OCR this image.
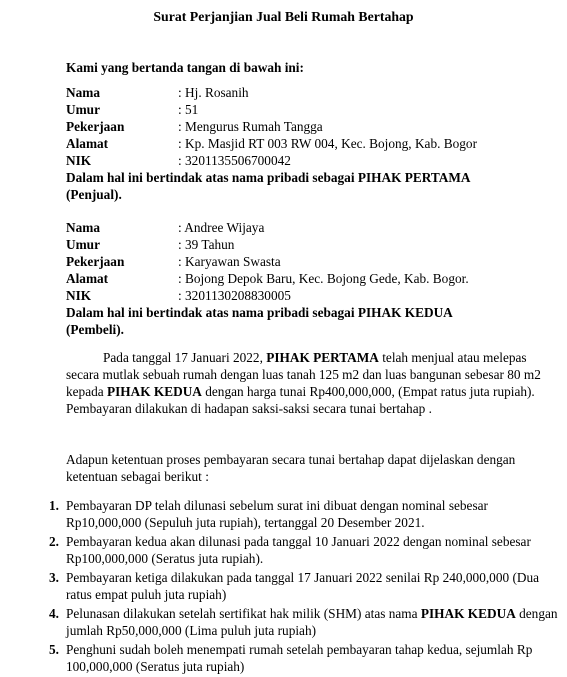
Surat Perjanjian Jual Beli Rumah Bertahap
Kami yang bertanda tangan di bawah ini:
Nama	: Hj. Rosanih
Umur	: 51
Pekerjaan	: Mengurus Rumah Tangga
Alamat	: Kp. Masjid RT 003 RW 004, Kec. Bojong, Kab. Bogor
NIK	: 3201135506700042
Dalam hal ini bertindak atas nama pribadi sebagai PIHAK PERTAMA
(Penjual).
Nama	: Andree Wijaya
Umur	: 39 Tahun
Pekerjaan	: Karyawan Swasta
Alamat	: Bojong Depok Baru, Kec. Bojong Gede, Kab. Bogor.
NIK	: 3201130208830005
Dalam hal ini bertindak atas nama pribadi sebagai PIHAK KEDUA
(Pembeli).
Pada tanggal 17 Januari 2022, PIHAK PERTAMA telah menjual atau melepas secara mutlak sebuah rumah dengan luas tanah 125 m2 dan luas bangunan sebesar 80 m2 kepada PIHAK KEDUA dengan harga tunai Rp400,000,000, (Empat ratus juta rupiah). Pembayaran dilakukan di hadapan saksi-saksi secara tunai bertahap .
Adapun ketentuan proses pembayaran secara tunai bertahap dapat dijelaskan dengan ketentuan sebagai berikut :
1. Pembayaran DP telah dilunasi sebelum surat ini dibuat dengan nominal sebesar Rp10,000,000 (Sepuluh juta rupiah), tertanggal 20 Desember 2021.
2. Pembayaran kedua akan dilunasi pada tanggal 10 Januari 2022 dengan nominal sebesar Rp100,000,000 (Seratus juta rupiah).
3. Pembayaran ketiga dilakukan pada tanggal 17 Januari 2022 senilai Rp 240,000,000 (Dua ratus empat puluh juta rupiah)
4. Pelunasan dilakukan setelah sertifikat hak milik (SHM) atas nama PIHAK KEDUA dengan jumlah Rp50,000,000 (Lima puluh juta rupiah)
5. Penghuni sudah boleh menempati rumah setelah pembayaran tahap kedua, sejumlah Rp 100,000,000 (Seratus juta rupiah)
